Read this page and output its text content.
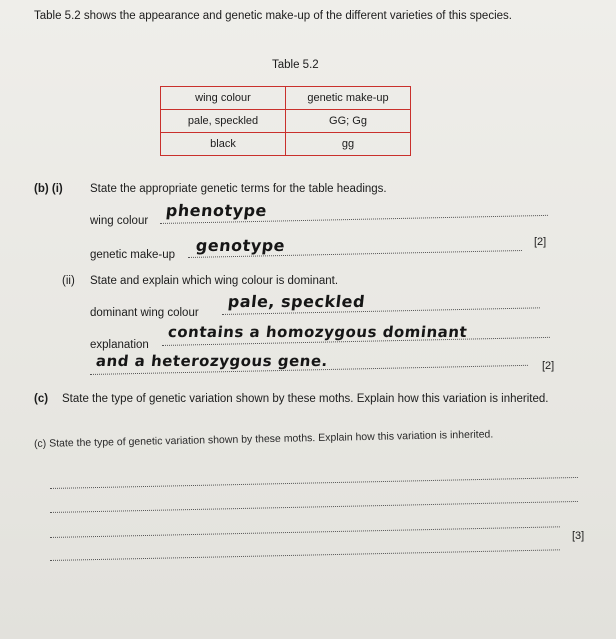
Table 5.2 shows the appearance and genetic make-up of the different varieties of this species.
Table 5.2
wing colour	genetic make-up
pale, speckled	GG; Gg
black	gg
(b) (i) State the appropriate genetic terms for the table headings.
wing colour
phenotype
genetic make-up genotype	[2]
(ii) State and explain which wing colour is dominant.
dominant wing colour
pale, speckled
explanation
contains a homozygous dominant
and a heterozygous gene.	[2]
(c) State the type of genetic variation shown by these moths. Explain how this variation is inherited.
(c) State the type of genetic variation shown by these moths. Explain how this variation is inherited.
[3]
